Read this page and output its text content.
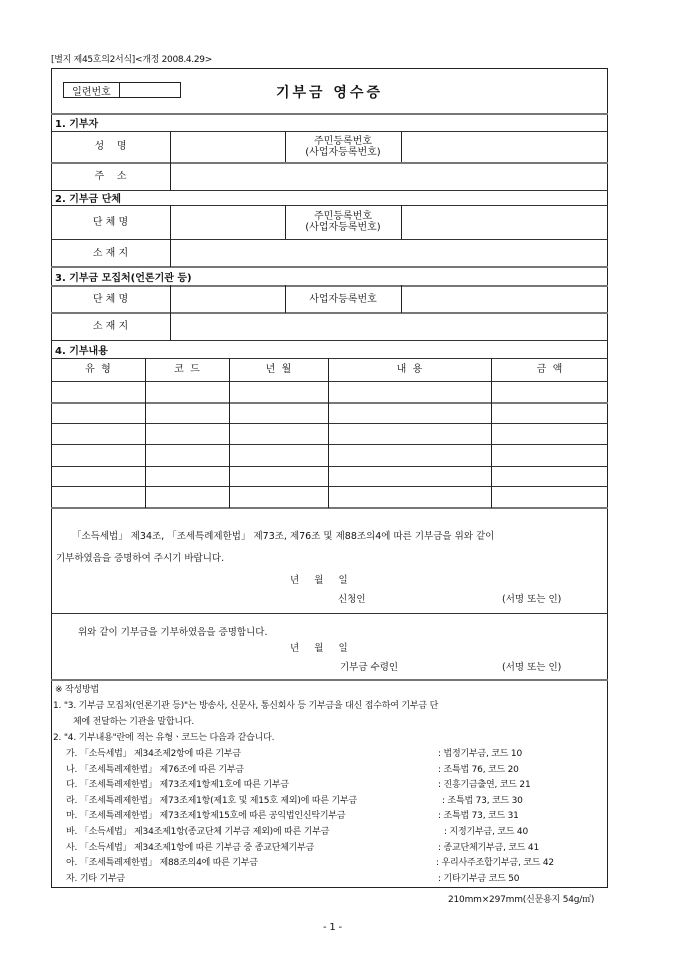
[별지 제45호의2서식]<개정 2008.4.29>
일련번호	기부금 영수증
1. 기부자
성    명	주민등록번호
(사업자등록번호)
주    소
2. 기부금 단체
단 체 명	주민등록번호
(사업자등록번호)
소 재 지
3. 기부금 모집처(언론기관 등)
단 체 명	사업자등록번호
소 재 지
4. 기부내용
유  형	코  드	년  월	내  용	금  액
「소득세법」 제34조, 「조세특례제한법」 제73조, 제76조 및 제88조의4에 따른 기부금을 위와 같이
기부하였음을 증명하여 주시기 바랍니다.
년     월     일
신청인	(서명 또는 인)
위와 같이 기부금을 기부하였음을 증명합니다.
년     월     일
기부금 수령인	(서명 또는 인)
※ 작성방법
1. "3. 기부금 모집처(언론기관 등)"는 방송사, 신문사, 통신회사 등 기부금을 대신 접수하여 기부금 단
체에 전달하는 기관을 말합니다.
2. "4. 기부내용"란에 적는 유형ㆍ코드는 다음과 같습니다.
가. 「소득세법」 제34조제2항에 따른 기부금	: 법정기부금, 코드 10
나. 「조세특례제한법」 제76조에 따른 기부금	: 조특법 76, 코드 20
다. 「조세특례제한법」 제73조제1항제1호에 따른 기부금	: 진흥기금출연, 코드 21
라. 「조세특례제한법」 제73조제1항(제1호 및 제15호 제외)에 따른 기부금	: 조특법 73, 코드 30
마. 「조세특례제한법」 제73조제1항제15호에 따른 공익법인신탁기부금	: 조특법 73, 코드 31
바. 「소득세법」 제34조제1항(종교단체 기부금 제외)에 따른 기부금	: 지정기부금, 코드 40
사. 「소득세법」 제34조제1항에 따른 기부금 중 종교단체기부금	: 종교단체기부금, 코드 41
아. 「조세특례제한법」 제88조의4에 따른 기부금	: 우리사주조합기부금, 코드 42
자. 기타 기부금	: 기타기부금 코드 50
210mm×297mm(신문용지 54g/㎡)
- 1 -
